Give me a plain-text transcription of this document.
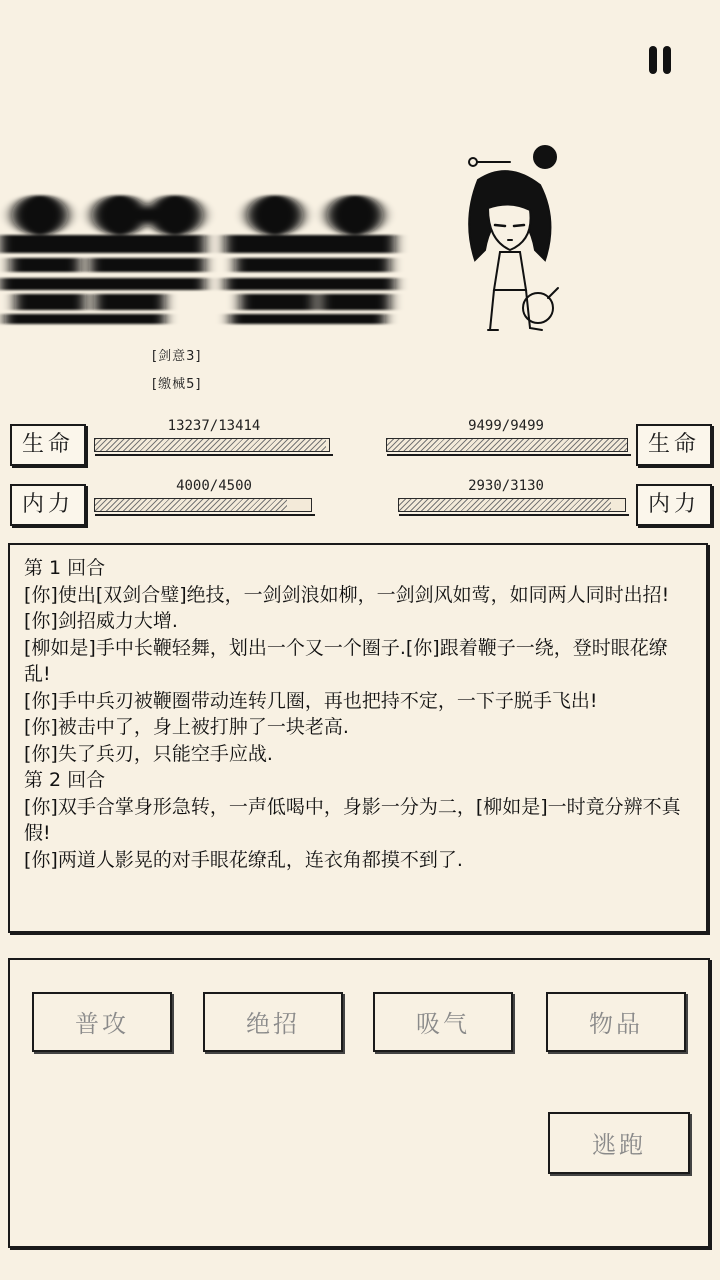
[剑意3]
[缴械5]
生命
13237/13414
生命
9499/9499
内力
4000/4500
内力
2930/3130
第 1 回合
[你]使出[双剑合璧]绝技，一剑剑浪如柳，一剑剑风如莺，如同两人同时出招!
[你]剑招威力大增.
[柳如是]手中长鞭轻舞，划出一个又一个圈子.[你]跟着鞭子一绕，登时眼花缭乱!
[你]手中兵刃被鞭圈带动连转几圈，再也把持不定，一下子脱手飞出!
[你]被击中了，身上被打肿了一块老高.
[你]失了兵刃，只能空手应战.
第 2 回合
[你]双手合掌身形急转，一声低喝中，身影一分为二，[柳如是]一时竟分辨不真假!
[你]两道人影晃的对手眼花缭乱，连衣角都摸不到了.
普攻	绝招	吸气	物品
逃跑
